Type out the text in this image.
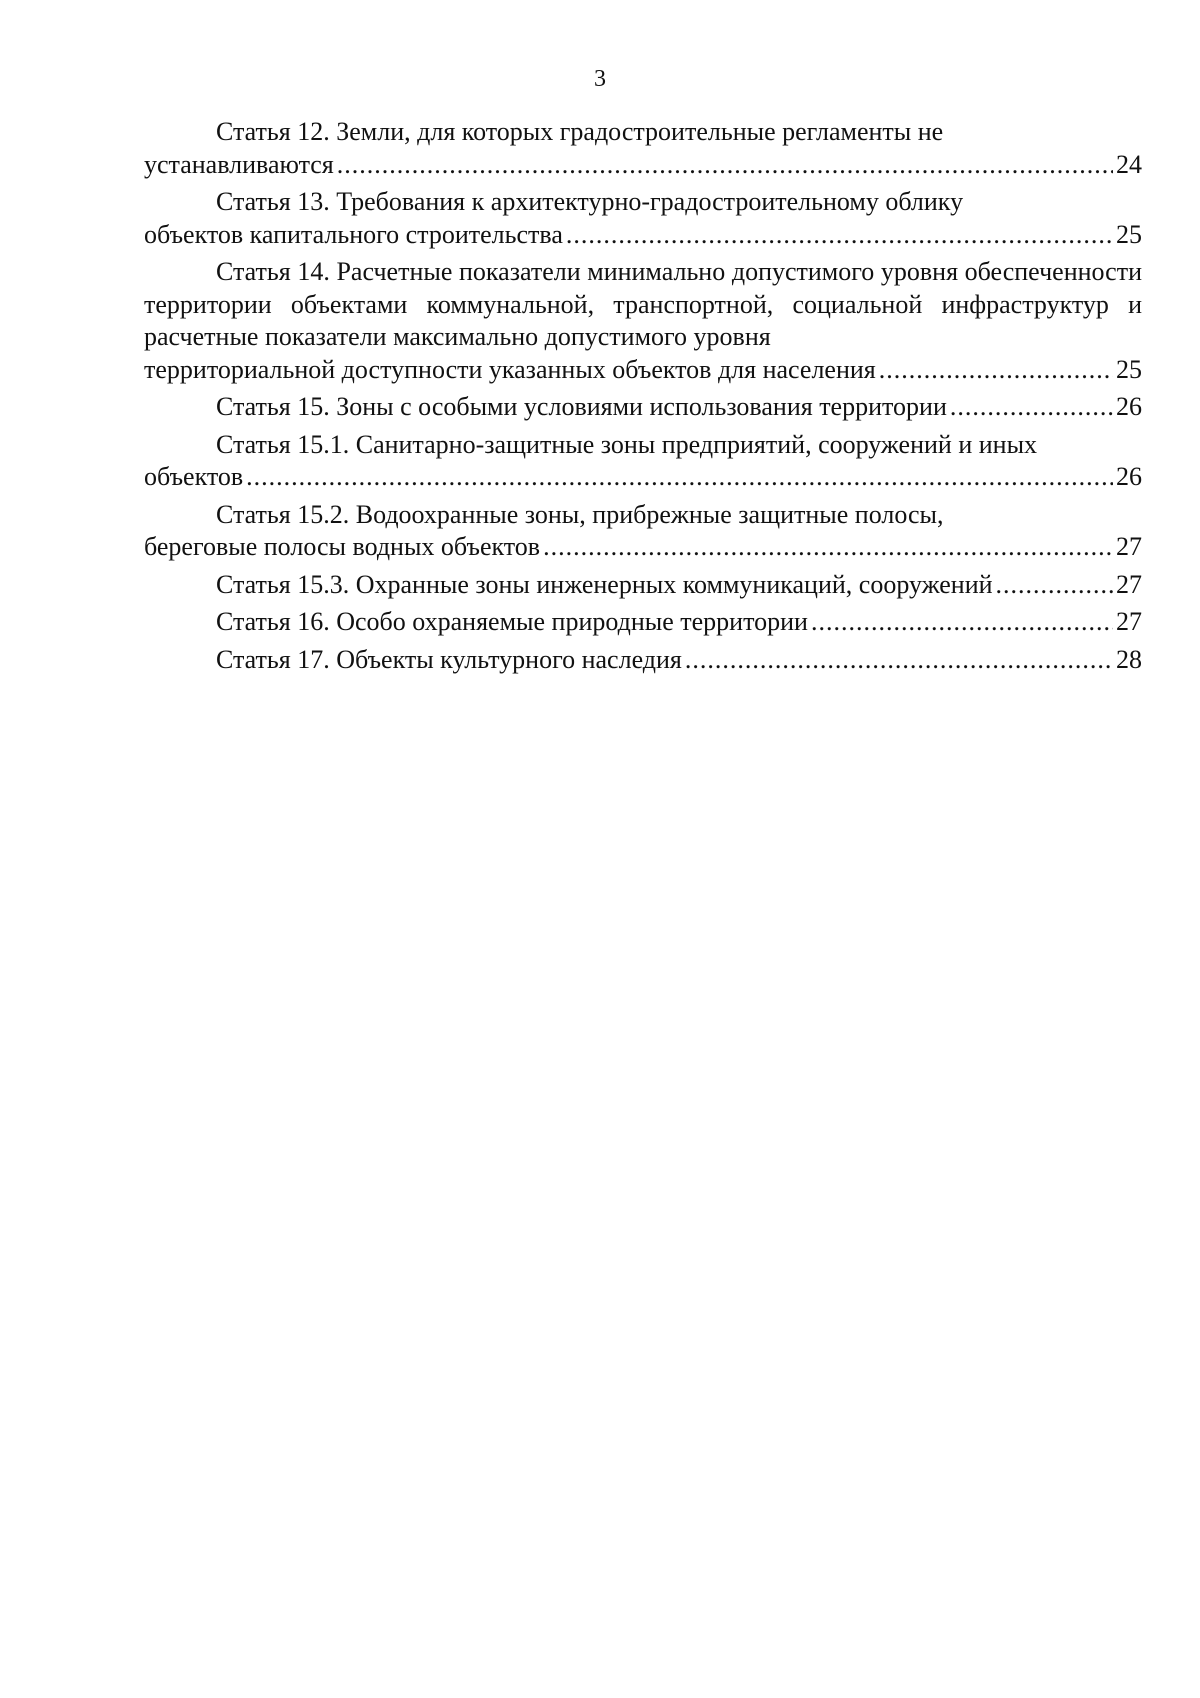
3
Статья 12. Земли, для которых градостроительные регламенты не
устанавливаются .....	24
Статья 13. Требования к архитектурно-градостроительному облику
объектов капитального строительства .....	25
Статья 14. Расчетные показатели минимально допустимого уровня обеспеченности территории объектами коммунальной, транспортной, социальной инфраструктур и расчетные показатели максимально допустимого уровня
территориальной доступности указанных объектов для населения .....	25
Статья 15. Зоны с особыми условиями использования территории .....	26
Статья 15.1. Санитарно-защитные зоны предприятий, сооружений и иных
объектов .....	26
Статья 15.2. Водоохранные зоны, прибрежные защитные полосы,
береговые полосы водных объектов .....	27
Статья 15.3. Охранные зоны инженерных коммуникаций, сооружений .....	27
Статья 16. Особо охраняемые природные территории .....	27
Статья 17. Объекты культурного наследия .....	28
